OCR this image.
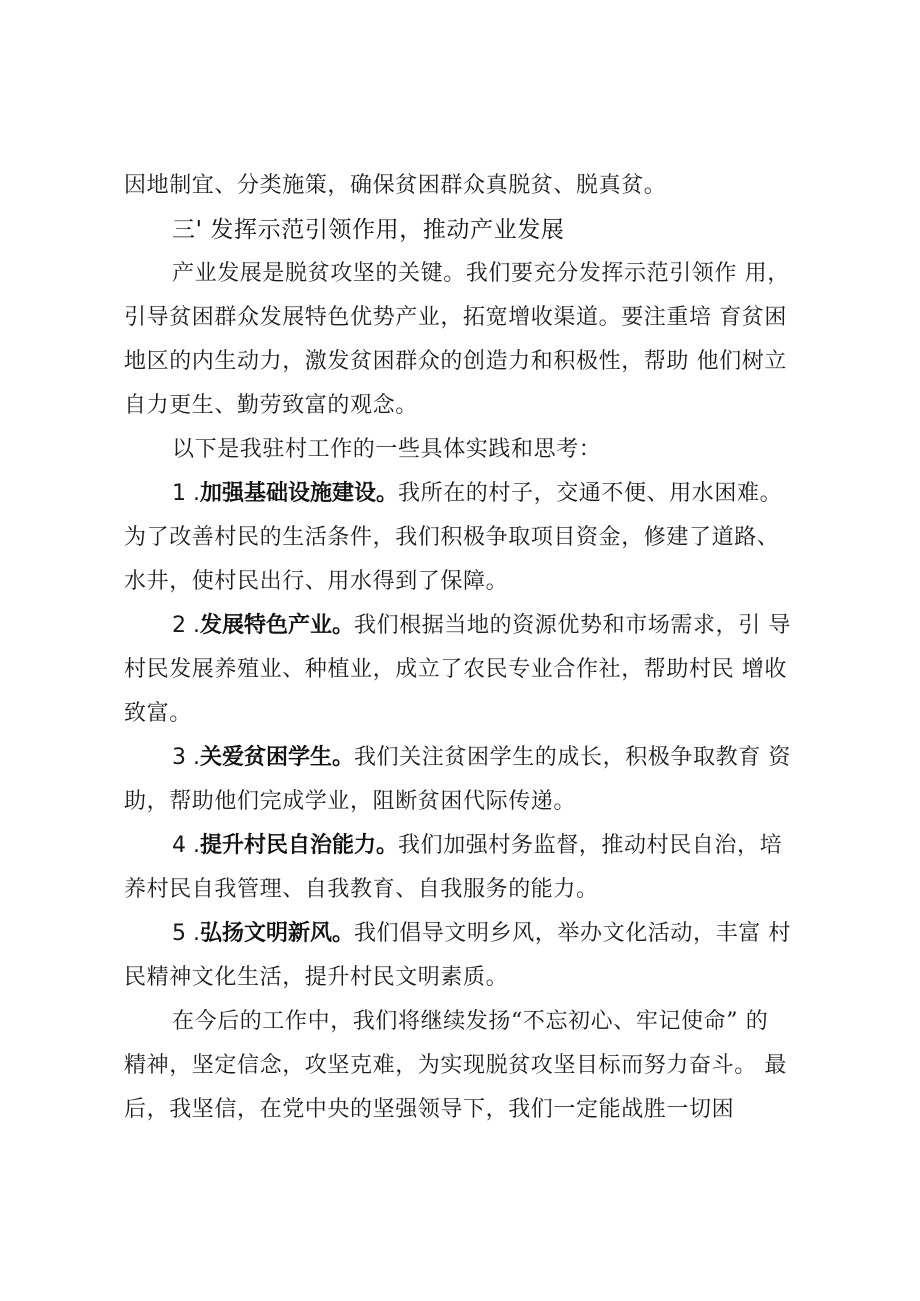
因地制宜、分类施策，确保贫困群众真脱贫、脱真贫。
三' 发挥示范引领作用，推动产业发展
产业发展是脱贫攻坚的关键。我们要充分发挥示范引领作 用，
引导贫困群众发展特色优势产业，拓宽增收渠道。要注重培 育贫困
地区的内生动力，激发贫困群众的创造力和积极性，帮助 他们树立
自力更生、勤劳致富的观念。
以下是我驻村工作的一些具体实践和思考：
1 .加强基础设施建设。我所在的村子，交通不便、用水困难。
为了改善村民的生活条件，我们积极争取项目资金，修建了道路、
水井，使村民出行、用水得到了保障。
2 .发展特色产业。我们根据当地的资源优势和市场需求，引 导
村民发展养殖业、种植业，成立了农民专业合作社，帮助村民 增收
致富。
3 .关爱贫困学生。我们关注贫困学生的成长，积极争取教育 资
助，帮助他们完成学业，阻断贫困代际传递。
4 .提升村民自治能力。我们加强村务监督，推动村民自治，培
养村民自我管理、自我教育、自我服务的能力。
5 .弘扬文明新风。我们倡导文明乡风，举办文化活动，丰富 村
民精神文化生活，提升村民文明素质。
在今后的工作中，我们将继续发扬“不忘初心、牢记使命” 的
精神，坚定信念，攻坚克难，为实现脱贫攻坚目标而努力奋斗。 最
后，我坚信，在党中央的坚强领导下，我们一定能战胜一切困
